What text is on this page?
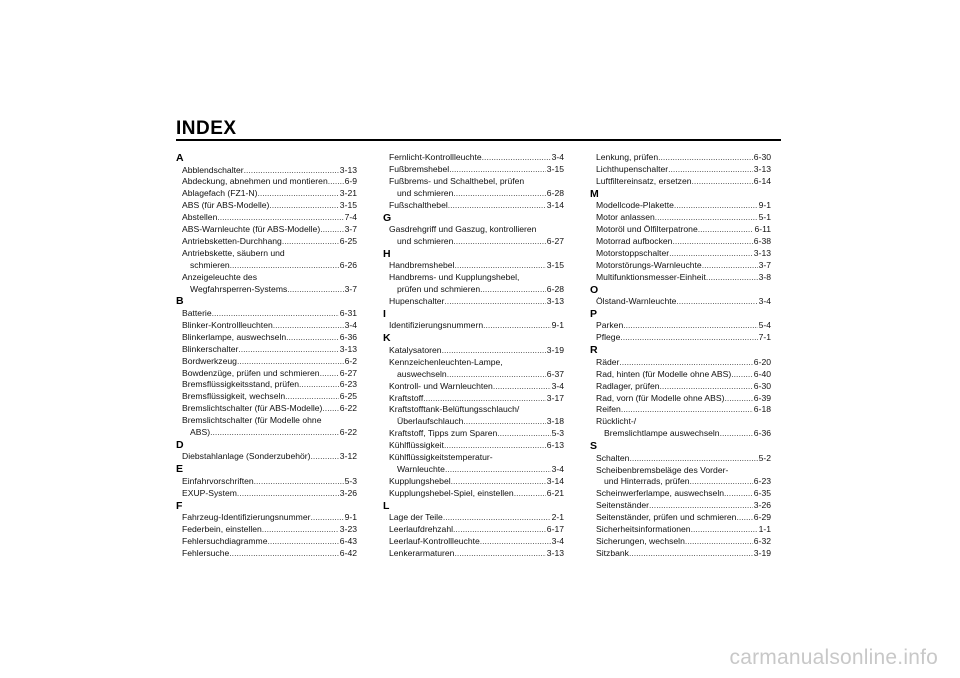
INDEX
A
Abblendschalter .....	3-13
Abdeckung, abnehmen und montieren ..... 6-9
Ablagefach (FZ1-N) .....	3-21
ABS (für ABS-Modelle) .....	3-15
Abstellen .....	7-4
ABS-Warnleuchte (für ABS-Modelle) .....	3-7
Antriebsketten-Durchhang .....	6-25
Antriebskette, säubern und
schmieren .....	6-26
Anzeigeleuchte des
Wegfahrsperren-Systems .....	3-7
B
Batterie .....	6-31
Blinker-Kontrollleuchten .....	3-4
Blinkerlampe, auswechseln .....	6-36
Blinkerschalter .....	3-13
Bordwerkzeug .....	6-2
Bowdenzüge, prüfen und schmieren ..... 6-27
Bremsflüssigkeitsstand, prüfen .....	6-23
Bremsflüssigkeit, wechseln .....	6-25
Bremslichtschalter (für ABS-Modelle) ..... 6-22
Bremslichtschalter (für Modelle ohne
ABS) .....	6-22
D
Diebstahlanlage (Sonderzubehör) .....	3-12
E
Einfahrvorschriften .....	5-3
EXUP-System .....	3-26
F
Fahrzeug-Identifizierungsnummer .....	9-1
Federbein, einstellen .....	3-23
Fehlersuchdiagramme .....	6-43
Fehlersuche .....	6-42
Fernlicht-Kontrollleuchte .....	3-4
Fußbremshebel .....	3-15
Fußbrems- und Schalthebel, prüfen
und schmieren .....	6-28
Fußschalthebel .....	3-14
G
Gasdrehgriff und Gaszug, kontrollieren
und schmieren .....	6-27
H
Handbremshebel .....	3-15
Handbrems- und Kupplungshebel,
prüfen und schmieren .....	6-28
Hupenschalter .....	3-13
I
Identifizierungsnummern .....	9-1
K
Katalysatoren .....	3-19
Kennzeichenleuchten-Lampe,
auswechseln .....	6-37
Kontroll- und Warnleuchten .....	3-4
Kraftstoff .....	3-17
Kraftstofftank-Belüftungsschlauch/
Überlaufschlauch .....	3-18
Kraftstoff, Tipps zum Sparen .....	5-3
Kühlflüssigkeit .....	6-13
Kühlflüssigkeitstemperatur-
Warnleuchte .....	3-4
Kupplungshebel .....	3-14
Kupplungshebel-Spiel, einstellen .....	6-21
L
Lage der Teile .....	2-1
Leerlaufdrehzahl .....	6-17
Leerlauf-Kontrollleuchte .....	3-4
Lenkerarmaturen .....	3-13
Lenkung, prüfen .....	6-30
Lichthupenschalter .....	3-13
Luftfiltereinsatz, ersetzen .....	6-14
M
Modellcode-Plakette .....	9-1
Motor anlassen .....	5-1
Motoröl und Ölfilterpatrone .....	6-11
Motorrad aufbocken .....	6-38
Motorstoppschalter .....	3-13
Motorstörungs-Warnleuchte .....	3-7
Multifunktionsmesser-Einheit .....	3-8
O
Ölstand-Warnleuchte .....	3-4
P
Parken .....	5-4
Pflege .....	7-1
R
Räder .....	6-20
Rad, hinten (für Modelle ohne ABS) .....	6-40
Radlager, prüfen .....	6-30
Rad, vorn (für Modelle ohne ABS) .....	6-39
Reifen .....	6-18
Rücklicht-/
Bremslichtlampe auswechseln .....	6-36
S
Schalten .....	5-2
Scheibenbremsbeläge des Vorder-
und Hinterrads, prüfen .....	6-23
Scheinwerferlampe, auswechseln .....	6-35
Seitenständer .....	3-26
Seitenständer, prüfen und schmieren ..... 6-29
Sicherheitsinformationen .....	1-1
Sicherungen, wechseln .....	6-32
Sitzbank .....	3-19
carmanualsonline.info
